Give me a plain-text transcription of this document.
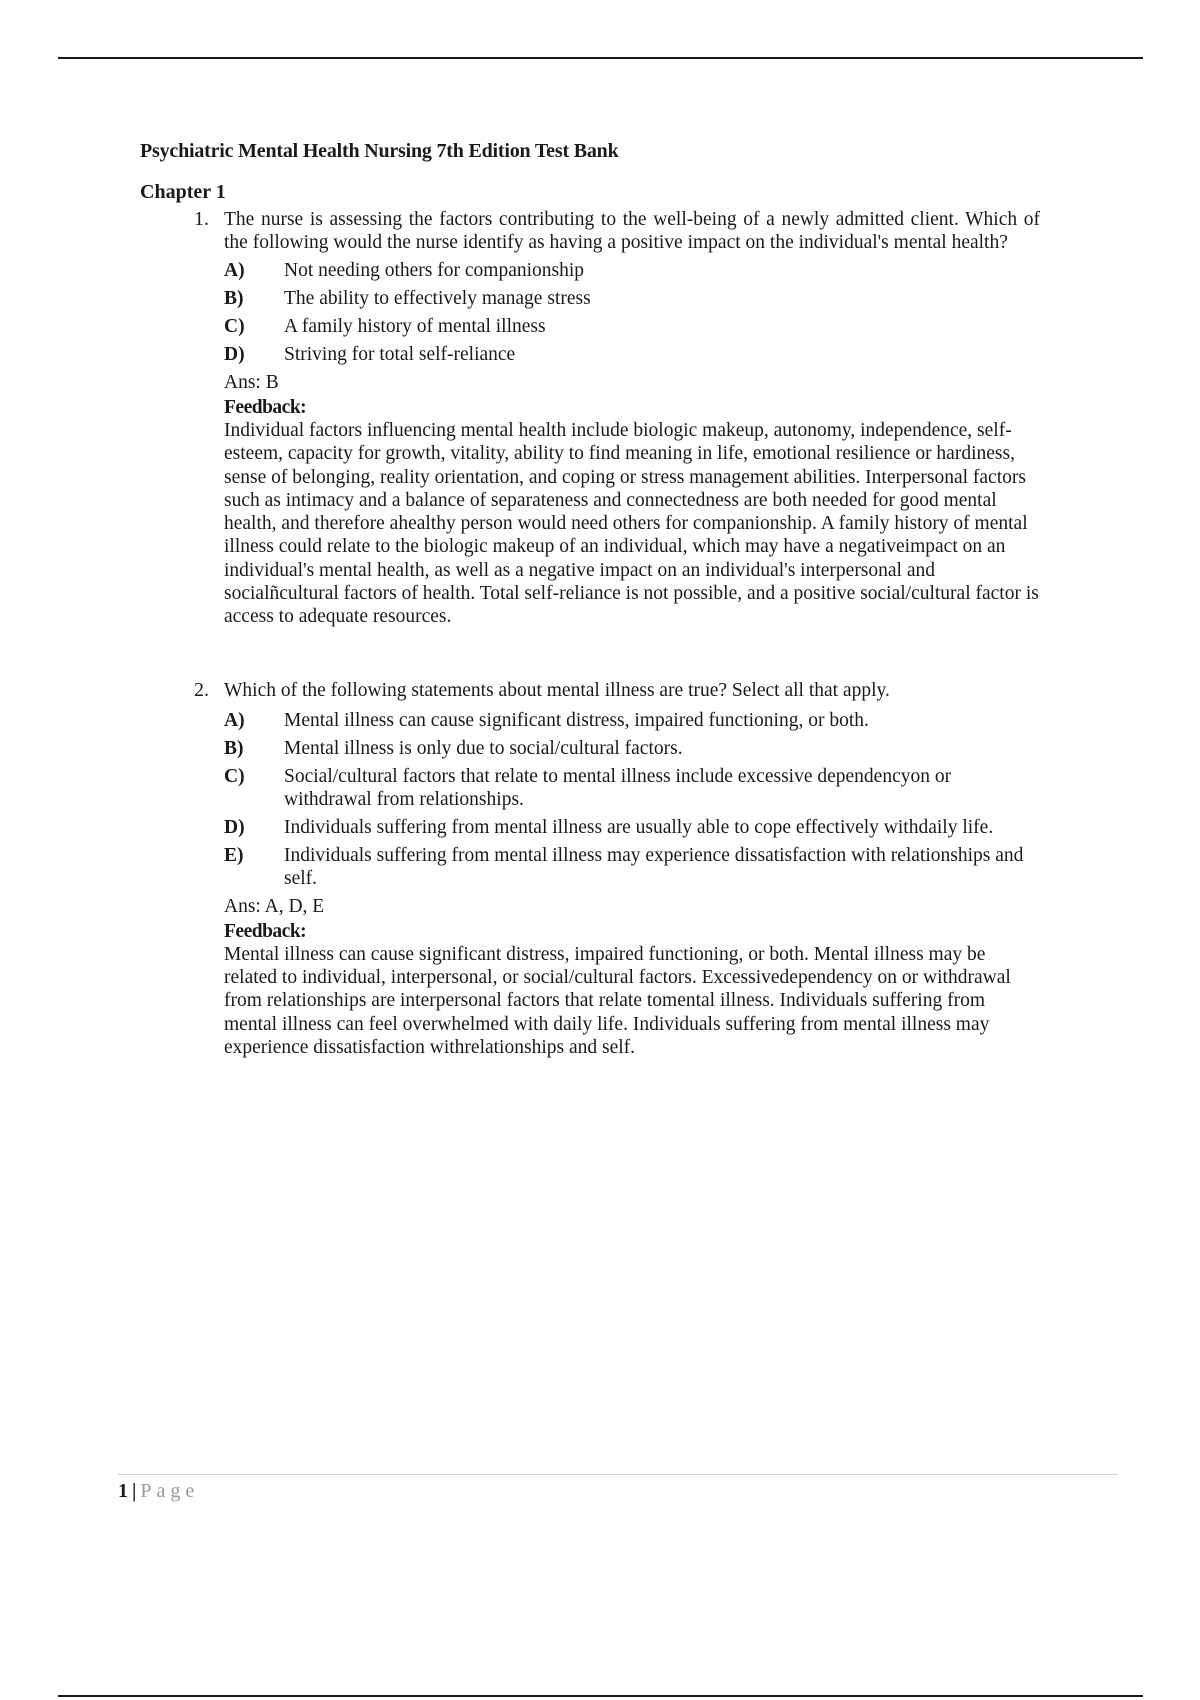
Psychiatric Mental Health Nursing 7th Edition Test Bank
Chapter 1
1. The nurse is assessing the factors contributing to the well-being of a newly admitted client. Which of the following would the nurse identify as having a positive impact on the individual's mental health?

A)	Not needing others for companionship
B)	The ability to effectively manage stress
C)	A family history of mental illness
D)	Striving for total self-reliance
Ans: B
Feedback:

Individual factors influencing mental health include biologic makeup, autonomy, independence, self-esteem, capacity for growth, vitality, ability to find meaning in life, emotional resilience or hardiness, sense of belonging, reality orientation, and coping or stress management abilities. Interpersonal factors such as intimacy and a balance of separateness and connectedness are both needed for good mental health, and therefore ahealthy person would need others for companionship. A family history of mental illness could relate to the biologic makeup of an individual, which may have a negativeimpact on an individual's mental health, as well as a negative impact on an individual's interpersonal and socialñcultural factors of health. Total self-reliance is not possible, and a positive social/cultural factor is access to adequate resources.

2. Which of the following statements about mental illness are true? Select all that apply.

A)	Mental illness can cause significant distress, impaired functioning, or both.
B)	Mental illness is only due to social/cultural factors.
C)	Social/cultural factors that relate to mental illness include excessive dependencyon or withdrawal from relationships.
D)	Individuals suffering from mental illness are usually able to cope effectively withdaily life.
E)	Individuals suffering from mental illness may experience dissatisfaction with relationships and self.
Ans: A, D, E
Feedback:

Mental illness can cause significant distress, impaired functioning, or both. Mental illness may be related to individual, interpersonal, or social/cultural factors. Excessivedependency on or withdrawal from relationships are interpersonal factors that relate tomental illness. Individuals suffering from mental illness can feel overwhelmed with daily life. Individuals suffering from mental illness may experience dissatisfaction withrelationships and self.

1 | Page
